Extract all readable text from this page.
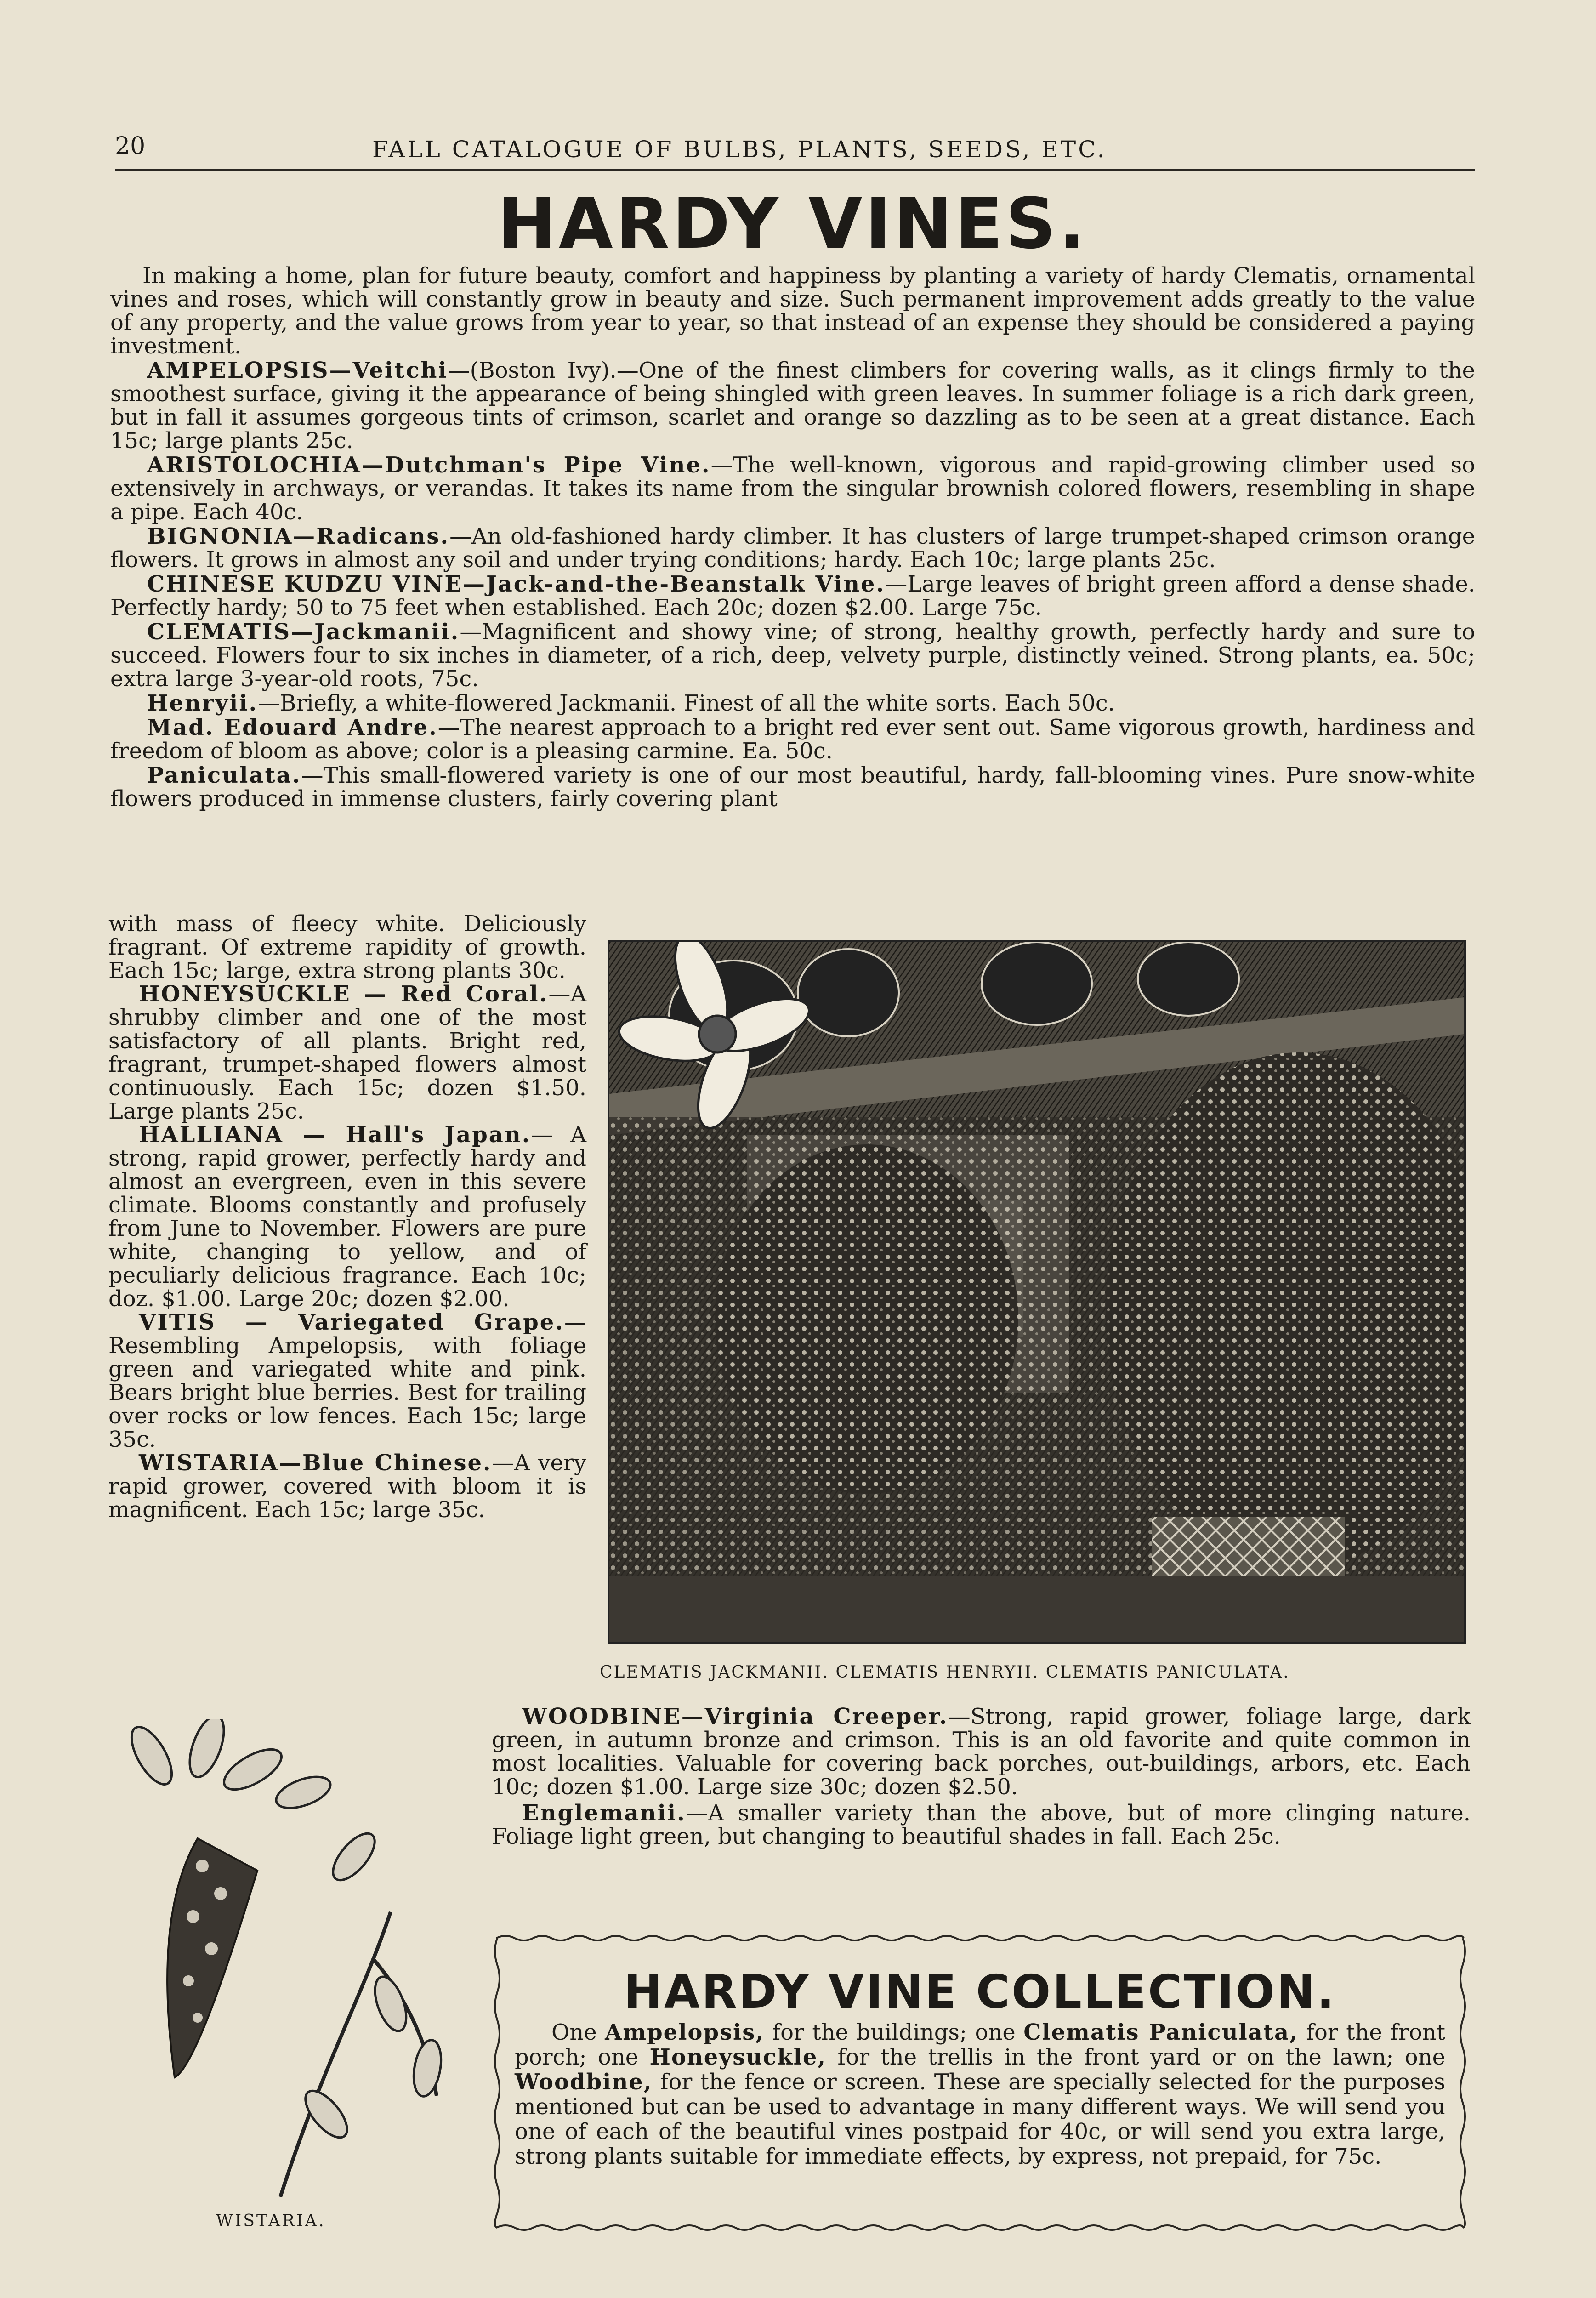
20	FALL CATALOGUE OF BULBS, PLANTS, SEEDS, ETC.
HARDY VINES.

In making a home, plan for future beauty, comfort and happiness by planting a variety of hardy Clematis, ornamental vines and roses, which will constantly grow in beauty and size. Such permanent improvement adds greatly to the value of any property, and the value grows from year to year, so that instead of an expense they should be considered a paying investment.

AMPELOPSIS—Veitchi—(Boston Ivy).—One of the finest climbers for covering walls, as it clings firmly to the smoothest surface, giving it the appearance of being shingled with green leaves. In summer foliage is a rich dark green, but in fall it assumes gorgeous tints of crimson, scarlet and orange so dazzling as to be seen at a great distance. Each 15c; large plants 25c.

ARISTOLOCHIA—Dutchman's Pipe Vine.—The well-known, vigorous and rapid-growing climber used so extensively in archways, or verandas. It takes its name from the singular brownish colored flowers, resembling in shape a pipe. Each 40c.

BIGNONIA—Radicans.—An old-fashioned hardy climber. It has clusters of large trumpet-shaped crimson orange flowers. It grows in almost any soil and under trying conditions; hardy. Each 10c; large plants 25c.

CHINESE KUDZU VINE—Jack-and-the-Beanstalk Vine.—Large leaves of bright green afford a dense shade. Perfectly hardy; 50 to 75 feet when established. Each 20c; dozen $2.00. Large 75c.

CLEMATIS—Jackmanii.—Magnificent and showy vine; of strong, healthy growth, perfectly hardy and sure to succeed. Flowers four to six inches in diameter, of a rich, deep, velvety purple, distinctly veined. Strong plants, ea. 50c; extra large 3-year-old roots, 75c.

Henryii.—Briefly, a white-flowered Jackmanii. Finest of all the white sorts. Each 50c.

Mad. Edouard Andre.—The nearest approach to a bright red ever sent out. Same vigorous growth, hardiness and freedom of bloom as above; color is a pleasing carmine. Ea. 50c.

Paniculata.—This small-flowered variety is one of our most beautiful, hardy, fall-blooming vines. Pure snow-white flowers produced in immense clusters, fairly covering plant

with mass of fleecy white. Deliciously fragrant. Of extreme rapidity of growth. Each 15c; large, extra strong plants 30c.

HONEYSUCKLE — Red Coral.—A shrubby climber and one of the most satisfactory of all plants. Bright red, fragrant, trumpet-shaped flowers almost continuously. Each 15c; dozen $1.50. Large plants 25c.

HALLIANA — Hall's Japan.— A strong, rapid grower, perfectly hardy and almost an evergreen, even in this severe climate. Blooms constantly and profusely from June to November. Flowers are pure white, changing to yellow, and of peculiarly delicious fragrance. Each 10c; doz. $1.00. Large 20c; dozen $2.00.

VITIS — Variegated Grape.— Resembling Ampelopsis, with foliage green and variegated white and pink. Bears bright blue berries. Best for trailing over rocks or low fences. Each 15c; large 35c.

WISTARIA—Blue Chinese.—A very rapid grower, covered with bloom it is magnificent. Each 15c; large 35c.

CLEMATIS JACKMANII. CLEMATIS HENRYII. CLEMATIS PANICULATA.

WOODBINE—Virginia Creeper.—Strong, rapid grower, foliage large, dark green, in autumn bronze and crimson. This is an old favorite and quite common in most localities. Valuable for covering back porches, out-buildings, arbors, etc. Each 10c; dozen $1.00. Large size 30c; dozen $2.50.

Englemanii.—A smaller variety than the above, but of more clinging nature. Foliage light green, but changing to beautiful shades in fall. Each 25c.

WISTARIA.
HARDY VINE COLLECTION.

One Ampelopsis, for the buildings; one Clematis Paniculata, for the front porch; one Honeysuckle, for the trellis in the front yard or on the lawn; one Woodbine, for the fence or screen. These are specially selected for the purposes mentioned but can be used to advantage in many different ways. We will send you one of each of the beautiful vines postpaid for 40c, or will send you extra large, strong plants suitable for immediate effects, by express, not prepaid, for 75c.
